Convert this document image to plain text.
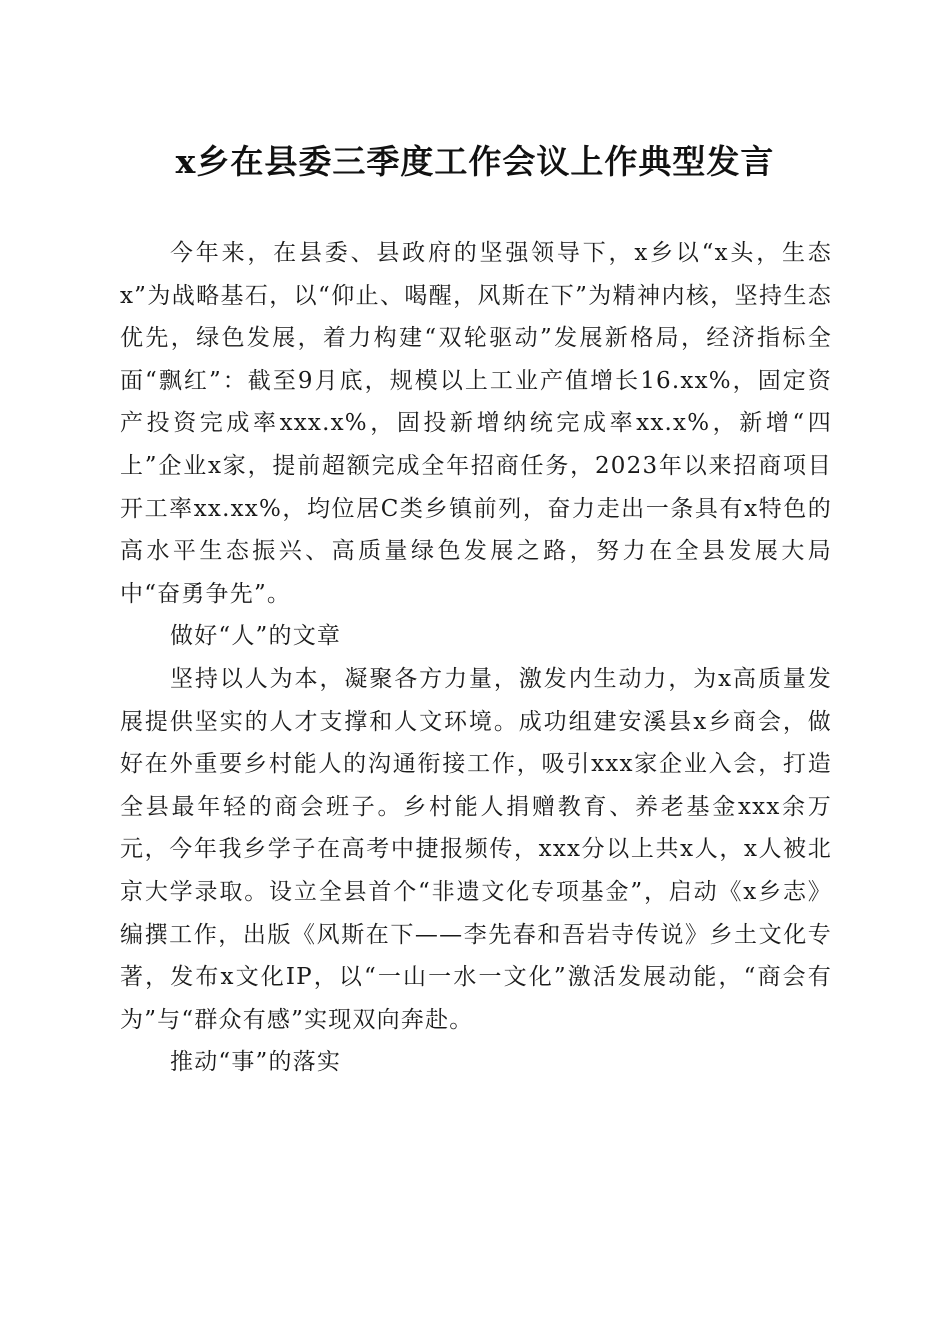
x乡在县委三季度工作会议上作典型发言

今年来，在县委、县政府的坚强领导下，x乡以“x头，生态x”为战略基石，以“仰止、喝醒，风斯在下”为精神内核，坚持生态优先，绿色发展，着力构建“双轮驱动”发展新格局，经济指标全面“飘红”：截至9月底，规模以上工业产值增长16.xx%，固定资产投资完成率xxx.x%，固投新增纳统完成率xx.x%，新增“四上”企业x家，提前超额完成全年招商任务，2023年以来招商项目开工率xx.xx%，均位居C类乡镇前列，奋力走出一条具有x特色的高水平生态振兴、高质量绿色发展之路，努力在全县发展大局中“奋勇争先”。

做好“人”的文章

坚持以人为本，凝聚各方力量，激发内生动力，为x高质量发展提供坚实的人才支撑和人文环境。成功组建安溪县x乡商会，做好在外重要乡村能人的沟通衔接工作，吸引xxx家企业入会，打造全县最年轻的商会班子。乡村能人捐赠教育、养老基金xxx余万元，今年我乡学子在高考中捷报频传，xxx分以上共x人，x人被北京大学录取。设立全县首个“非遗文化专项基金”，启动《x乡志》编撰工作，出版《风斯在下——李先春和吾岩寺传说》乡土文化专著，发布x文化IP，以“一山一水一文化”激活发展动能，“商会有为”与“群众有感”实现双向奔赴。

推动“事”的落实
